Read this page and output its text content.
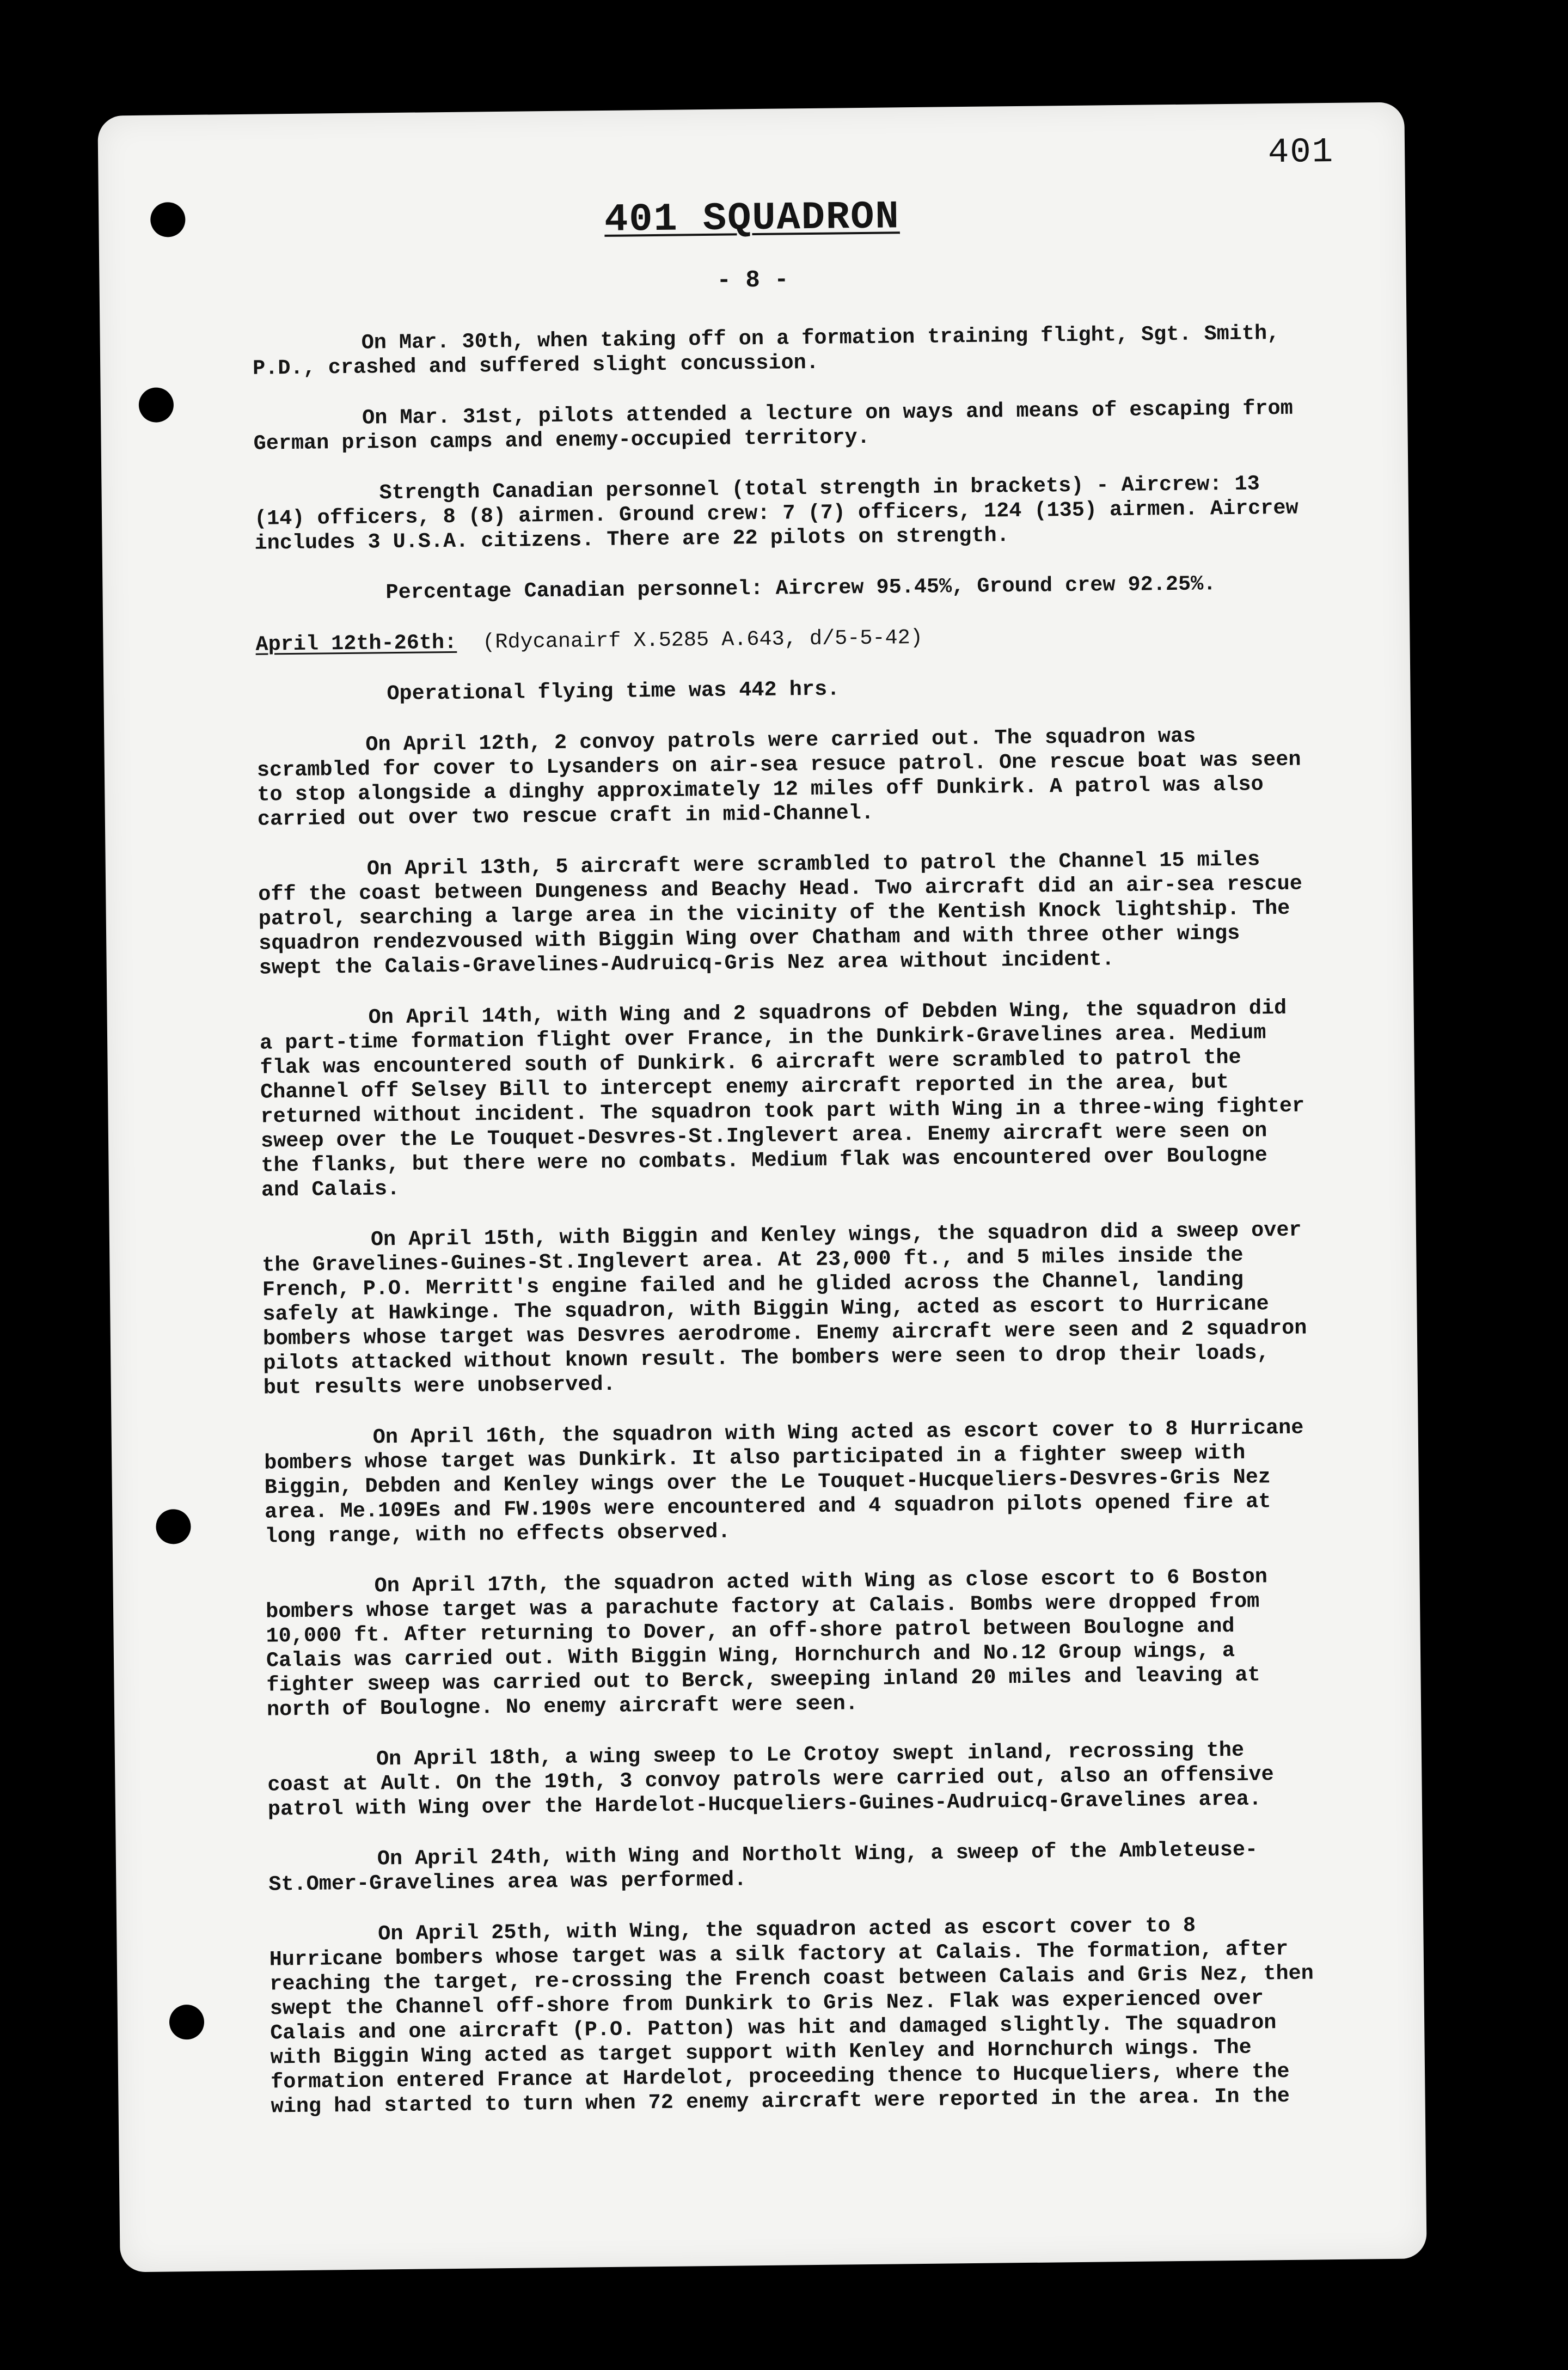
401
401 SQUADRON
- 8 -

On Mar. 30th, when taking off on a formation training flight, Sgt. Smith, P.D., crashed and suffered slight concussion.

On Mar. 31st, pilots attended a lecture on ways and means of escaping from German prison camps and enemy-occupied territory.

Strength Canadian personnel (total strength in brackets) - Aircrew: 13 (14) officers, 8 (8) airmen. Ground crew: 7 (7) officers, 124 (135) airmen. Aircrew includes 3 U.S.A. citizens. There are 22 pilots on strength.

Percentage Canadian personnel: Aircrew 95.45%, Ground crew 92.25%.

April 12th-26th: (Rdycanairf X.5285 A.643, d/5-5-42)

Operational flying time was 442 hrs.

On April 12th, 2 convoy patrols were carried out. The squadron was scrambled for cover to Lysanders on air-sea resuce patrol. One rescue boat was seen to stop alongside a dinghy approximately 12 miles off Dunkirk. A patrol was also carried out over two rescue craft in mid-Channel.

On April 13th, 5 aircraft were scrambled to patrol the Channel 15 miles off the coast between Dungeness and Beachy Head. Two aircraft did an air-sea rescue patrol, searching a large area in the vicinity of the Kentish Knock lightship. The squadron rendezvoused with Biggin Wing over Chatham and with three other wings swept the Calais-Gravelines-Audruicq-Gris Nez area without incident.

On April 14th, with Wing and 2 squadrons of Debden Wing, the squadron did a part-time formation flight over France, in the Dunkirk-Gravelines area. Medium flak was encountered south of Dunkirk. 6 aircraft were scrambled to patrol the Channel off Selsey Bill to intercept enemy aircraft reported in the area, but returned without incident. The squadron took part with Wing in a three-wing fighter sweep over the Le Touquet-Desvres-St.Inglevert area. Enemy aircraft were seen on the flanks, but there were no combats. Medium flak was encountered over Boulogne and Calais.

On April 15th, with Biggin and Kenley wings, the squadron did a sweep over the Gravelines-Guines-St.Inglevert area. At 23,000 ft., and 5 miles inside the French, P.O. Merritt's engine failed and he glided across the Channel, landing safely at Hawkinge. The squadron, with Biggin Wing, acted as escort to Hurricane bombers whose target was Desvres aerodrome. Enemy aircraft were seen and 2 squadron pilots attacked without known result. The bombers were seen to drop their loads, but results were unobserved.

On April 16th, the squadron with Wing acted as escort cover to 8 Hurricane bombers whose target was Dunkirk. It also participated in a fighter sweep with Biggin, Debden and Kenley wings over the Le Touquet-Hucqueliers-Desvres-Gris Nez area. Me.109Es and FW.190s were encountered and 4 squadron pilots opened fire at long range, with no effects observed.

On April 17th, the squadron acted with Wing as close escort to 6 Boston bombers whose target was a parachute factory at Calais. Bombs were dropped from 10,000 ft. After returning to Dover, an off-shore patrol between Boulogne and Calais was carried out. With Biggin Wing, Hornchurch and No.12 Group wings, a fighter sweep was carried out to Berck, sweeping inland 20 miles and leaving at north of Boulogne. No enemy aircraft were seen.

On April 18th, a wing sweep to Le Crotoy swept inland, recrossing the coast at Ault. On the 19th, 3 convoy patrols were carried out, also an offensive patrol with Wing over the Hardelot-Hucqueliers-Guines-Audruicq-Gravelines area.

On April 24th, with Wing and Northolt Wing, a sweep of the Ambleteuse-St.Omer-Gravelines area was performed.

On April 25th, with Wing, the squadron acted as escort cover to 8 Hurricane bombers whose target was a silk factory at Calais. The formation, after reaching the target, re-crossing the French coast between Calais and Gris Nez, then swept the Channel off-shore from Dunkirk to Gris Nez. Flak was experienced over Calais and one aircraft (P.O. Patton) was hit and damaged slightly. The squadron with Biggin Wing acted as target support with Kenley and Hornchurch wings. The formation entered France at Hardelot, proceeding thence to Hucqueliers, where the wing had started to turn when 72 enemy aircraft were reported in the area. In the
